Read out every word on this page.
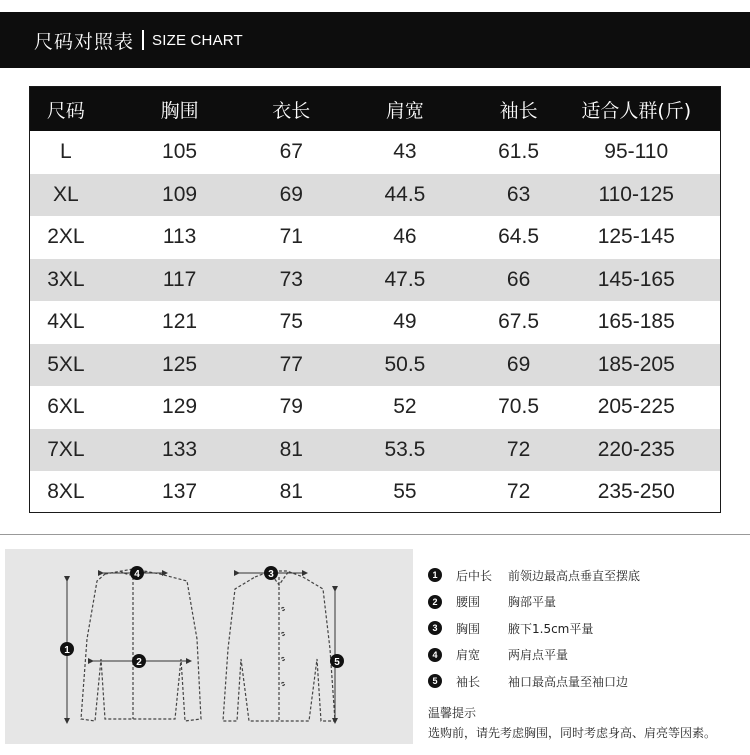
尺码对照表 SIZE CHART
尺码	胸围	衣长	肩宽	袖长	适合人群(斤)
L	105	67	43	61.5	95-110
XL	109	69	44.5	63	110-125
2XL	113	71	46	64.5	125-145
3XL	117	73	47.5	66	145-165
4XL	121	75	49	67.5	165-185
5XL	125	77	50.5	69	185-205
6XL	129	79	52	70.5	205-225
7XL	133	81	53.5	72	220-235
8XL	137	81	55	72	235-250
4
1
2
3
5
1	后中长	前领边最高点垂直至摆底
2	腰围	胸部平量
3	胸围	腋下1.5cm平量
4	肩宽	两肩点平量
5	袖长	袖口最高点量至袖口边
温馨提示
选购前，请先考虑胸围，同时考虑身高、肩亮等因素。
